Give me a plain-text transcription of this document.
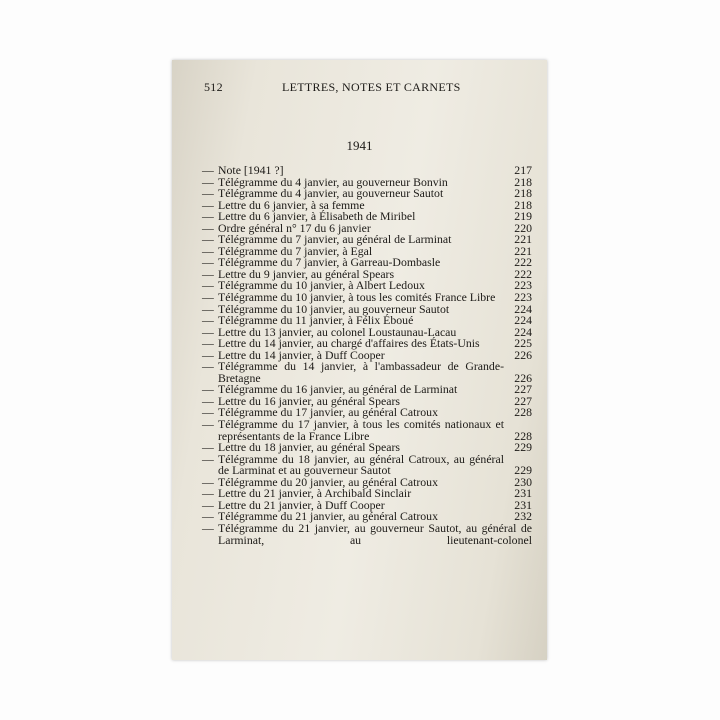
512	LETTRES, NOTES ET CARNETS
1941
— Note [1941 ?]	217
— Télégramme du 4 janvier, au gouverneur Bonvin	218
— Télégramme du 4 janvier, au gouverneur Sautot	218
— Lettre du 6 janvier, à sa femme	218
— Lettre du 6 janvier, à Élisabeth de Miribel	219
— Ordre général n° 17 du 6 janvier	220
— Télégramme du 7 janvier, au général de Larminat	221
— Télégramme du 7 janvier, à Egal	221
— Télégramme du 7 janvier, à Garreau-Dombasle	222
— Lettre du 9 janvier, au général Spears	222
— Télégramme du 10 janvier, à Albert Ledoux	223
— Télégramme du 10 janvier, à tous les comités France Libre	223
— Télégramme du 10 janvier, au gouverneur Sautot	224
— Télégramme du 11 janvier, à Félix Éboué	224
— Lettre du 13 janvier, au colonel Loustaunau-Lacau	224
— Lettre du 14 janvier, au chargé d'affaires des États-Unis	225
— Lettre du 14 janvier, à Duff Cooper	226
— Télégramme du 14 janvier, à l'ambassadeur de Grande-Bretagne	226
— Télégramme du 16 janvier, au général de Larminat	227
— Lettre du 16 janvier, au général Spears	227
— Télégramme du 17 janvier, au général Catroux	228
— Télégramme du 17 janvier, à tous les comités nationaux et représentants de la France Libre	228
— Lettre du 18 janvier, au général Spears	229
— Télégramme du 18 janvier, au général Catroux, au général de Larminat et au gouverneur Sautot	229
— Télégramme du 20 janvier, au général Catroux	230
— Lettre du 21 janvier, à Archibald Sinclair	231
— Lettre du 21 janvier, à Duff Cooper	231
— Télégramme du 21 janvier, au général Catroux	232
— Télégramme du 21 janvier, au gouverneur Sautot, au général de Larminat, au lieutenant-colonel
